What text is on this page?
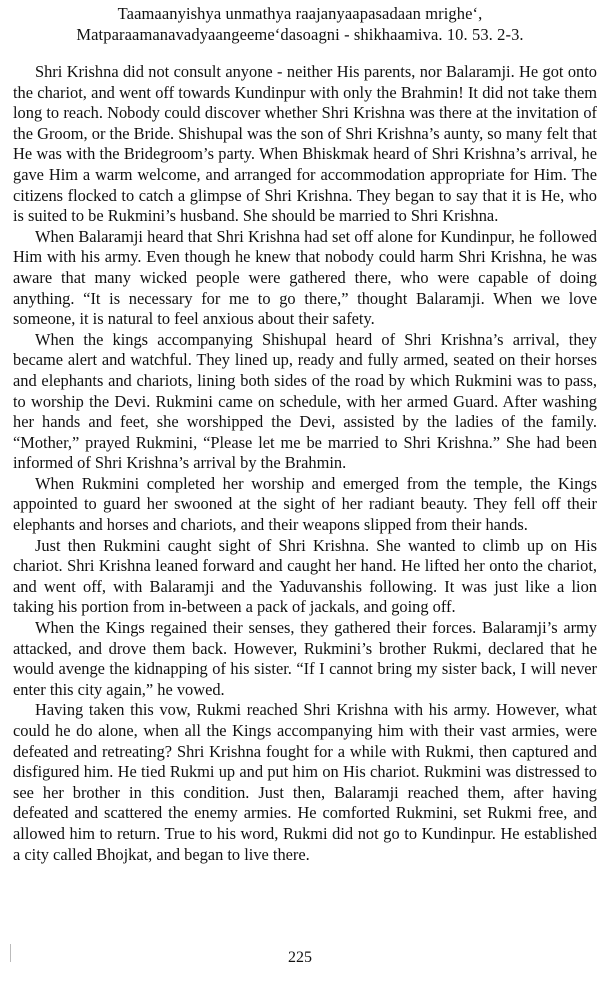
Taamaanyishya unmathya raajanyaapasadaan mrighe‘,
Matparaamanavadyaangeeme‘dasoagni - shikhaamiva. 10. 53. 2-3.

Shri Krishna did not consult anyone - neither His parents, nor Balaramji. He got onto the chariot, and went off towards Kundinpur with only the Brahmin! It did not take them long to reach. Nobody could discover whether Shri Krishna was there at the invitation of the Groom, or the Bride. Shishupal was the son of Shri Krishna’s aunty, so many felt that He was with the Bridegroom’s party. When Bhiskmak heard of Shri Krishna’s arrival, he gave Him a warm welcome, and arranged for accommodation appropriate for Him. The citizens flocked to catch a glimpse of Shri Krishna. They began to say that it is He, who is suited to be Rukmini’s husband. She should be married to Shri Krishna.

When Balaramji heard that Shri Krishna had set off alone for Kundinpur, he followed Him with his army. Even though he knew that nobody could harm Shri Krishna, he was aware that many wicked people were gathered there, who were capable of doing anything. “It is necessary for me to go there,” thought Balaramji. When we love someone, it is natural to feel anxious about their safety.

When the kings accompanying Shishupal heard of Shri Krishna’s arrival, they became alert and watchful. They lined up, ready and fully armed, seated on their horses and elephants and chariots, lining both sides of the road by which Rukmini was to pass, to worship the Devi. Rukmini came on schedule, with her armed Guard. After washing her hands and feet, she worshipped the Devi, assisted by the ladies of the family. “Mother,” prayed Rukmini, “Please let me be married to Shri Krishna.” She had been informed of Shri Krishna’s arrival by the Brahmin.

When Rukmini completed her worship and emerged from the temple, the Kings appointed to guard her swooned at the sight of her radiant beauty. They fell off their elephants and horses and chariots, and their weapons slipped from their hands.

Just then Rukmini caught sight of Shri Krishna. She wanted to climb up on His chariot. Shri Krishna leaned forward and caught her hand. He lifted her onto the chariot, and went off, with Balaramji and the Yaduvanshis following. It was just like a lion taking his portion from in-between a pack of jackals, and going off.

When the Kings regained their senses, they gathered their forces. Balaramji’s army attacked, and drove them back. However, Rukmini’s brother Rukmi, declared that he would avenge the kidnapping of his sister. “If I cannot bring my sister back, I will never enter this city again,” he vowed.

Having taken this vow, Rukmi reached Shri Krishna with his army. However, what could he do alone, when all the Kings accompanying him with their vast armies, were defeated and retreating? Shri Krishna fought for a while with Rukmi, then captured and disfigured him. He tied Rukmi up and put him on His chariot. Rukmini was distressed to see her brother in this condition. Just then, Balaramji reached them, after having defeated and scattered the enemy armies. He comforted Rukmini, set Rukmi free, and allowed him to return. True to his word, Rukmi did not go to Kundinpur. He established a city called Bhojkat, and began to live there.

225
